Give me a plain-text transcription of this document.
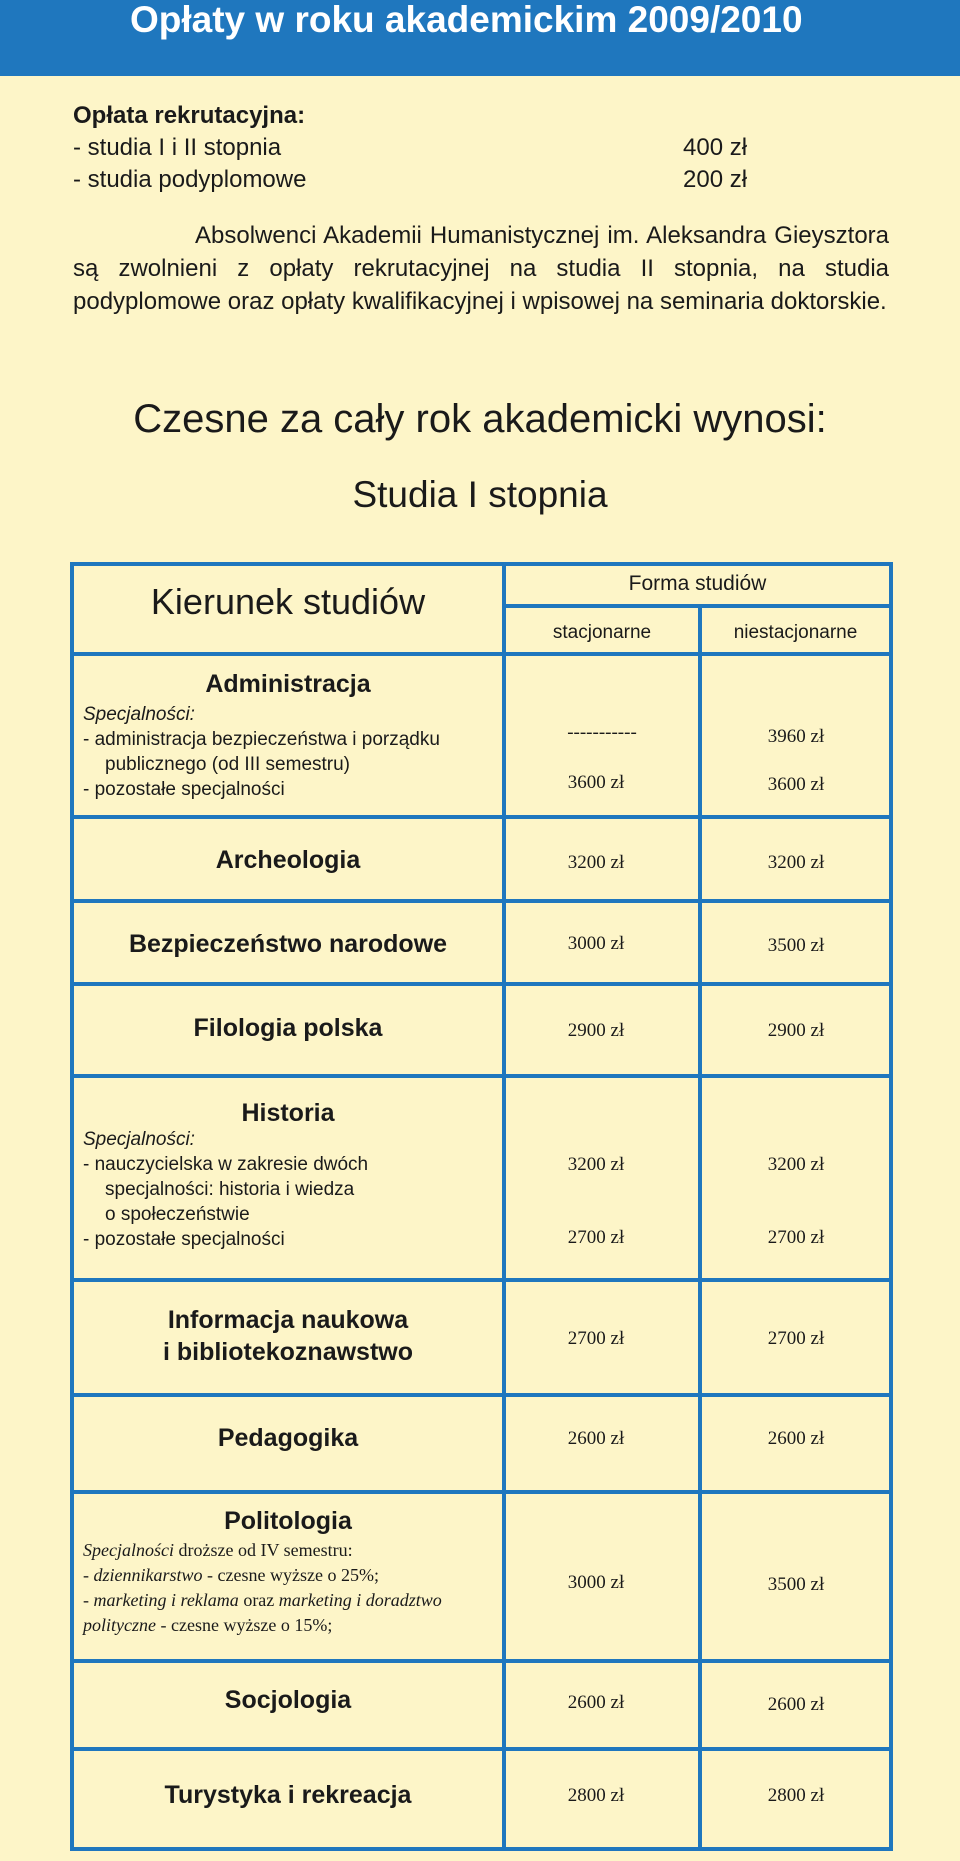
Opłaty w roku akademickim 2009/2010
Opłata rekrutacyjna:
- studia I i II stopnia	400 zł
- studia podyplomowe	200 zł
Absolwenci Akademii Humanistycznej im. Aleksandra Gieysztora są zwolnieni z opłaty rekrutacyjnej na studia II stopnia, na studia podyplomowe oraz opłaty kwalifikacyjnej i wpisowej na seminaria doktorskie.
Czesne za cały rok akademicki wynosi:
Studia I stopnia
Kierunek studiów	Forma studiów
stacjonarne	niestacjonarne
Administracja
Specjalności:
- administracja bezpieczeństwa i porządku
publicznego (od III semestru)
- pozostałe specjalności
-----------	3960 zł
3600 zł	3600 zł
Archeologia	3200 zł	3200 zł
Bezpieczeństwo narodowe	3000 zł	3500 zł
Filologia polska	2900 zł	2900 zł
Historia
Specjalności:
- nauczycielska w zakresie dwóch
specjalności: historia i wiedza
o społeczeństwie
- pozostałe specjalności
3200 zł	3200 zł
2700 zł	2700 zł
Informacja naukowa
i bibliotekoznawstwo	2700 zł	2700 zł
Pedagogika	2600 zł	2600 zł
Politologia
Specjalności droższe od IV semestru:
- dziennikarstwo - czesne wyższe o 25%;
- marketing i reklama oraz marketing i doradztwo
polityczne - czesne wyższe o 15%;
3000 zł	3500 zł
Socjologia	2600 zł	2600 zł
Turystyka i rekreacja	2800 zł	2800 zł
